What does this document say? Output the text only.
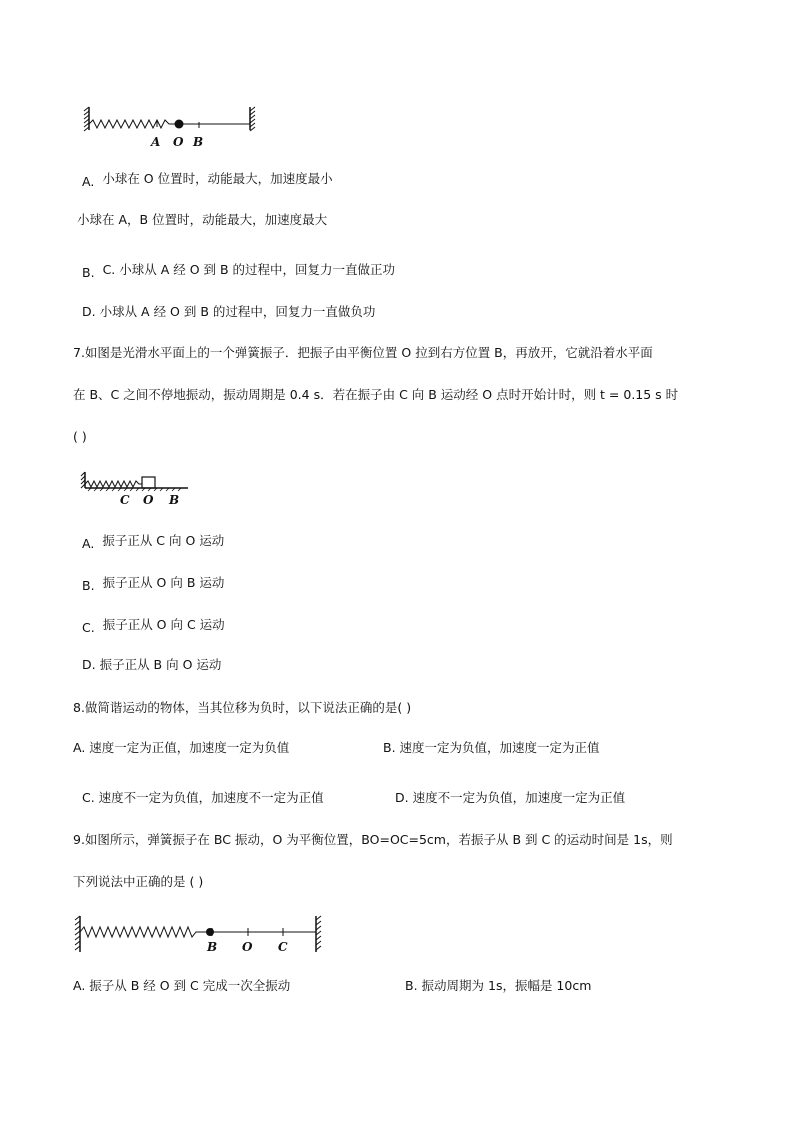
A O B
A. 小球在 O 位置时，动能最大，加速度最小
小球在 A，B 位置时，动能最大，加速度最大
B. C. 小球从 A 经 O 到 B 的过程中，回复力一直做正功
D. 小球从 A 经 O 到 B 的过程中，回复力一直做负功
7.如图是光滑水平面上的一个弹簧振子．把振子由平衡位置 O 拉到右方位置 B，再放开，它就沿着水平面
在 B、C 之间不停地振动，振动周期是 0.4 s．若在振子由 C 向 B 运动经 O 点时开始计时，则 t = 0.15 s 时
( )
C O B
A. 振子正从 C 向 O 运动
B. 振子正从 O 向 B 运动
C. 振子正从 O 向 C 运动
D. 振子正从 B 向 O 运动
8.做简谐运动的物体，当其位移为负时，以下说法正确的是( )
A. 速度一定为正值，加速度一定为负值	B. 速度一定为负值，加速度一定为正值
C. 速度不一定为负值，加速度不一定为正值	D. 速度不一定为负值，加速度一定为正值
9.如图所示，弹簧振子在 BC 振动，O 为平衡位置，BO=OC=5cm，若振子从 B 到 C 的运动时间是 1s，则
下列说法中正确的是 ( )
B O C
A. 振子从 B 经 O 到 C 完成一次全振动	B. 振动周期为 1s，振幅是 10cm
